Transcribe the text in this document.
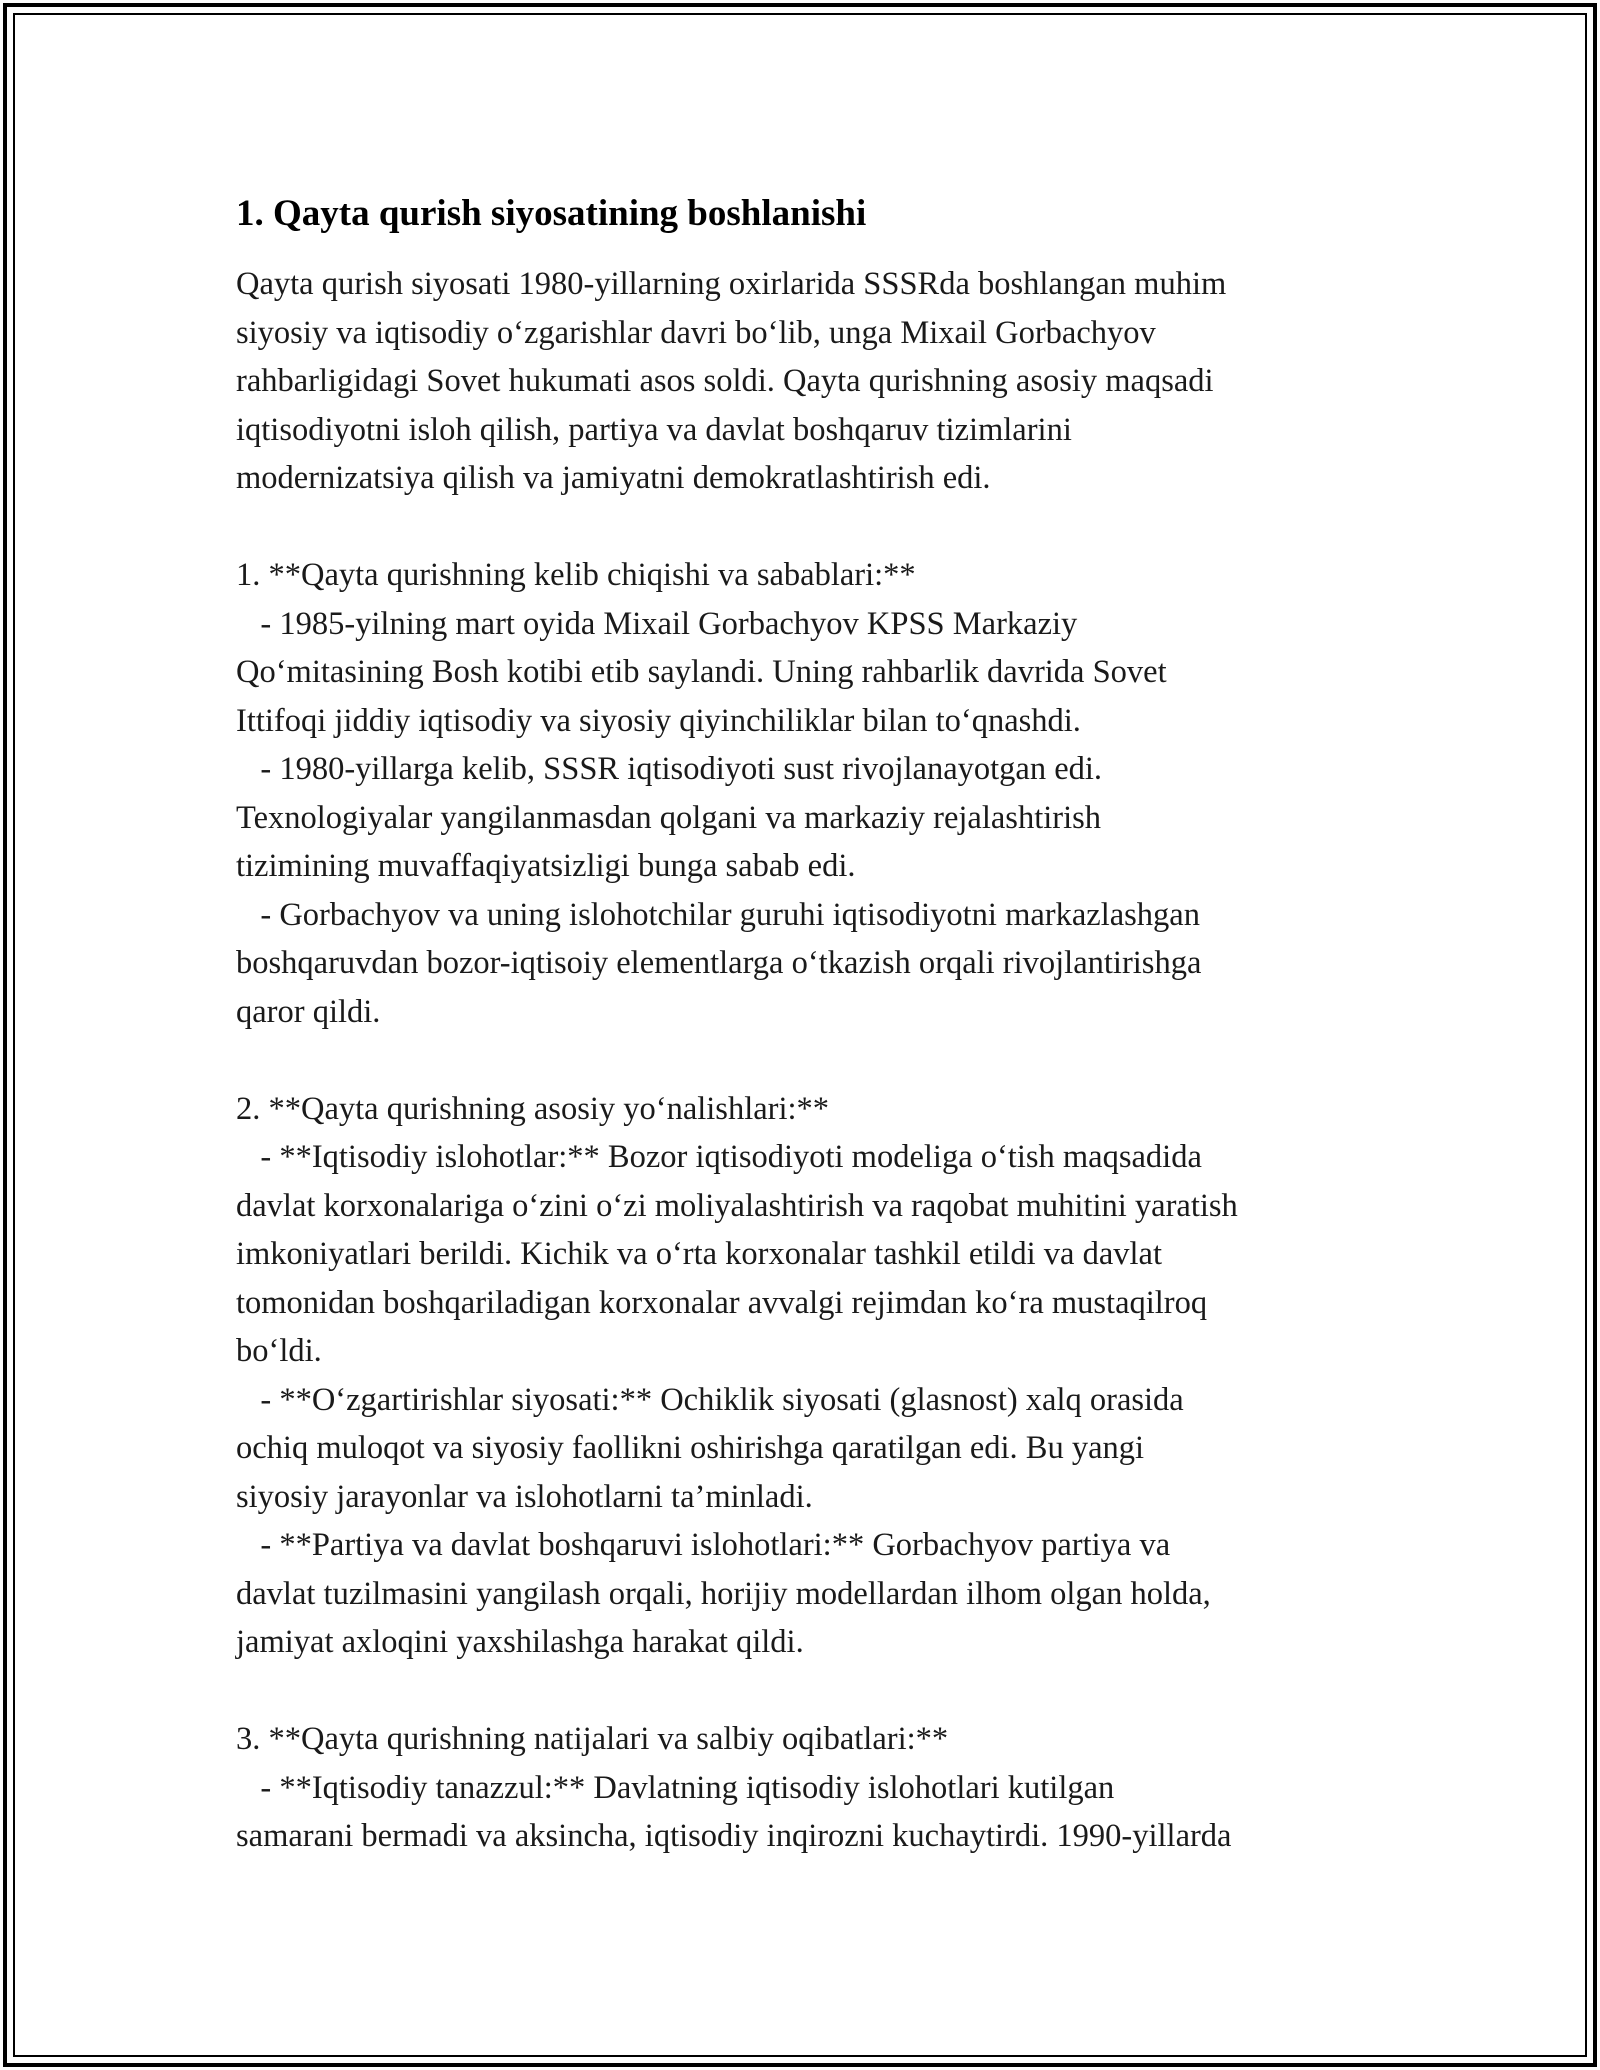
1. Qayta qurish siyosatining boshlanishi
Qayta qurish siyosati 1980-yillarning oxirlarida SSSRda boshlangan muhim
siyosiy va iqtisodiy o‘zgarishlar davri bo‘lib, unga Mixail Gorbachyov
rahbarligidagi Sovet hukumati asos soldi. Qayta qurishning asosiy maqsadi
iqtisodiyotni isloh qilish, partiya va davlat boshqaruv tizimlarini
modernizatsiya qilish va jamiyatni demokratlashtirish edi.
1. **Qayta qurishning kelib chiqishi va sabablari:**
- 1985-yilning mart oyida Mixail Gorbachyov KPSS Markaziy
Qo‘mitasining Bosh kotibi etib saylandi. Uning rahbarlik davrida Sovet
Ittifoqi jiddiy iqtisodiy va siyosiy qiyinchiliklar bilan to‘qnashdi.
- 1980-yillarga kelib, SSSR iqtisodiyoti sust rivojlanayotgan edi.
Texnologiyalar yangilanmasdan qolgani va markaziy rejalashtirish
tizimining muvaffaqiyatsizligi bunga sabab edi.
- Gorbachyov va uning islohotchilar guruhi iqtisodiyotni markazlashgan
boshqaruvdan bozor-iqtisoiy elementlarga o‘tkazish orqali rivojlantirishga
qaror qildi.
2. **Qayta qurishning asosiy yo‘nalishlari:**
- **Iqtisodiy islohotlar:** Bozor iqtisodiyoti modeliga o‘tish maqsadida
davlat korxonalariga o‘zini o‘zi moliyalashtirish va raqobat muhitini yaratish
imkoniyatlari berildi. Kichik va o‘rta korxonalar tashkil etildi va davlat
tomonidan boshqariladigan korxonalar avvalgi rejimdan ko‘ra mustaqilroq
bo‘ldi.
- **O‘zgartirishlar siyosati:** Ochiklik siyosati (glasnost) xalq orasida
ochiq muloqot va siyosiy faollikni oshirishga qaratilgan edi. Bu yangi
siyosiy jarayonlar va islohotlarni ta’minladi.
- **Partiya va davlat boshqaruvi islohotlari:** Gorbachyov partiya va
davlat tuzilmasini yangilash orqali, horijiy modellardan ilhom olgan holda,
jamiyat axloqini yaxshilashga harakat qildi.
3. **Qayta qurishning natijalari va salbiy oqibatlari:**
- **Iqtisodiy tanazzul:** Davlatning iqtisodiy islohotlari kutilgan
samarani bermadi va aksincha, iqtisodiy inqirozni kuchaytirdi. 1990-yillarda
